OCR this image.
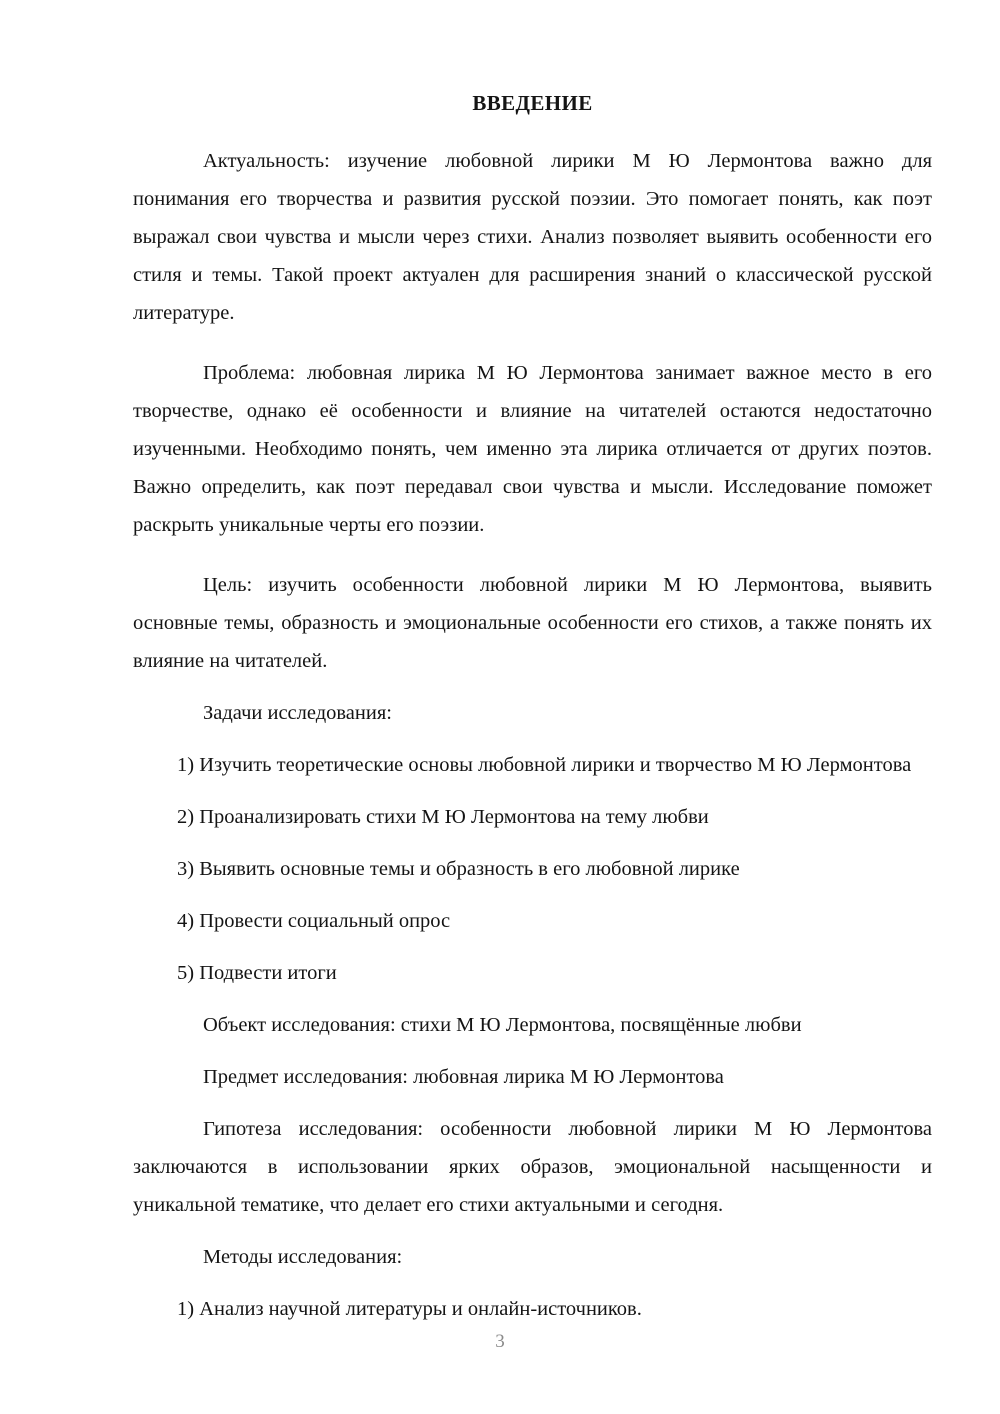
ВВЕДЕНИЕ

Актуальность: изучение любовной лирики М Ю Лермонтова важно для понимания его творчества и развития русской поэзии. Это помогает понять, как поэт выражал свои чувства и мысли через стихи. Анализ позволяет выявить особенности его стиля и темы. Такой проект актуален для расширения знаний о классической русской литературе.

Проблема: любовная лирика М Ю Лермонтова занимает важное место в его творчестве, однако её особенности и влияние на читателей остаются недостаточно изученными. Необходимо понять, чем именно эта лирика отличается от других поэтов. Важно определить, как поэт передавал свои чувства и мысли. Исследование поможет раскрыть уникальные черты его поэзии.

Цель: изучить особенности любовной лирики М Ю Лермонтова, выявить основные темы, образность и эмоциональные особенности его стихов, а также понять их влияние на читателей.

Задачи исследования:

1) Изучить теоретические основы любовной лирики и творчество М Ю Лермонтова

2) Проанализировать стихи М Ю Лермонтова на тему любви

3) Выявить основные темы и образность в его любовной лирике

4) Провести социальный опрос

5) Подвести итоги

Объект исследования: стихи М Ю Лермонтова, посвящённые любви

Предмет исследования: любовная лирика М Ю Лермонтова

Гипотеза исследования: особенности любовной лирики М Ю Лермонтова заключаются в использовании ярких образов, эмоциональной насыщенности и уникальной тематике, что делает его стихи актуальными и сегодня.

Методы исследования:

1) Анализ научной литературы и онлайн-источников.

3
